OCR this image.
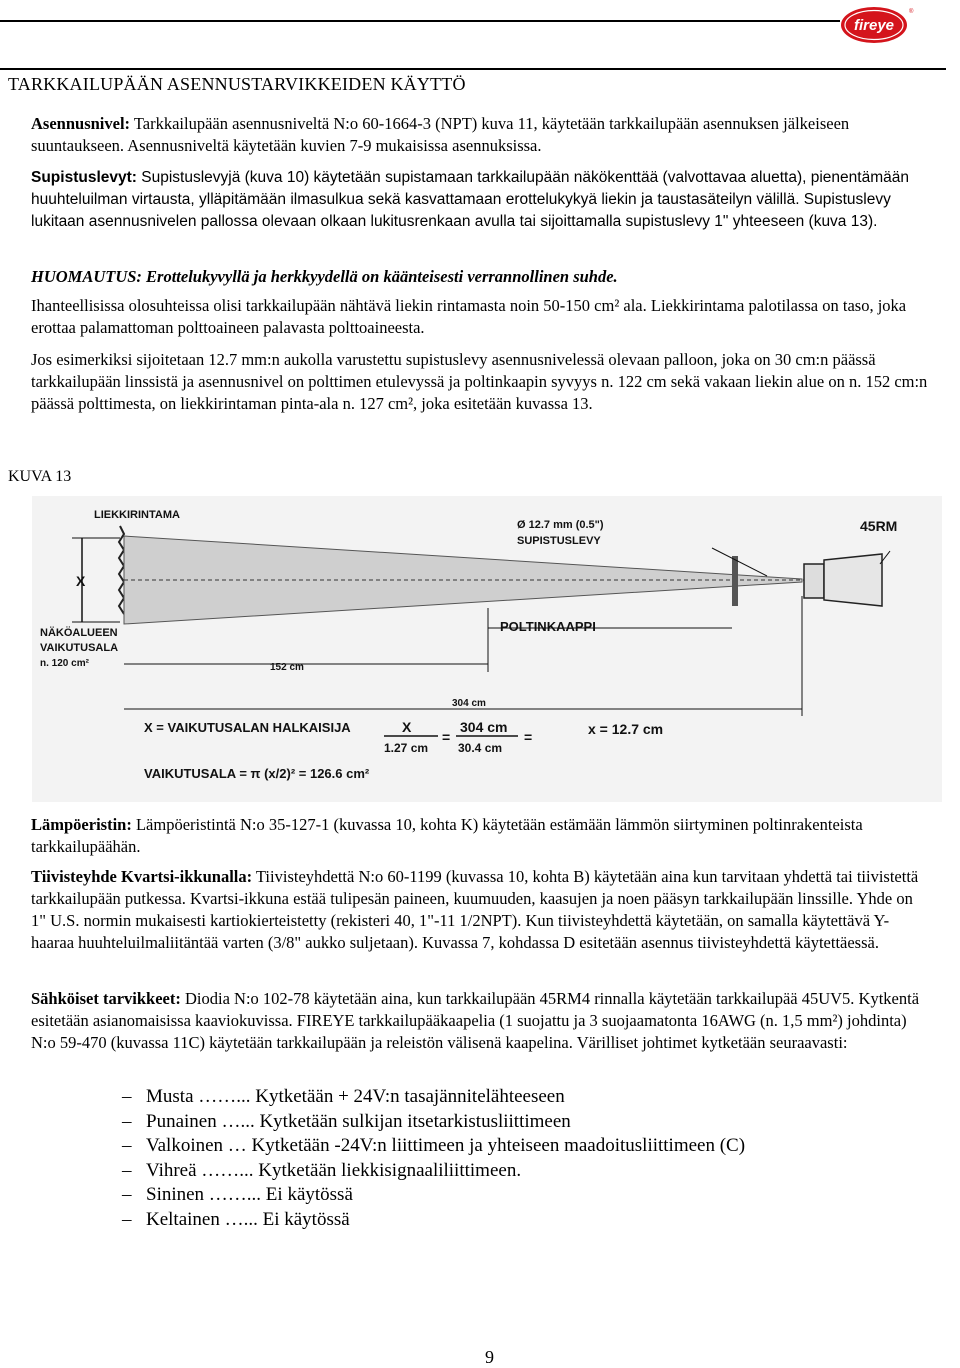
fireye
®
TARKKAILUPÄÄN ASENNUSTARVIKKEIDEN KÄYTTÖ

Asennusnivel: Tarkkailupään asennusniveltä N:o 60-1664-3 (NPT) kuva 11, käytetään tarkkailupään asennuksen jälkeiseen suuntaukseen. Asennusniveltä käytetään kuvien 7-9 mukaisissa asennuksissa.

Supistuslevyt: Supistuslevyjä (kuva 10) käytetään supistamaan tarkkailupään näkökenttää (valvottavaa aluetta), pienentämään huuhteluilman virtausta, ylläpitämään ilmasulkua sekä kasvattamaan erottelukykyä liekin ja taustasäteilyn välillä. Supistuslevy lukitaan asennusnivelen pallossa olevaan olkaan lukitusrenkaan avulla tai sijoittamalla supistuslevy 1" yhteeseen (kuva 13).

HUOMAUTUS: Erottelukyvyllä ja herkkyydellä on käänteisesti verrannollinen suhde.

Ihanteellisissa olosuhteissa olisi tarkkailupään nähtävä liekin rintamasta noin 50-150 cm² ala. Liekkirintama palotilassa on taso, joka erottaa palamattoman polttoaineen palavasta polttoaineesta.

Jos esimerkiksi sijoitetaan 12.7 mm:n aukolla varustettu supistuslevy asennusnivelessä olevaan palloon, joka on 30 cm:n päässä tarkkailupään linssistä ja asennusnivel on polttimen etulevyssä ja poltinkaapin syvyys n. 122 cm sekä vakaan liekin alue on n. 152 cm:n päässä polttimesta, on liekkirintaman pinta-ala n. 127 cm², joka esitetään kuvassa 13.

KUVA 13

LIEKKIRINTAMA
X
NÄKÖALUEEN
VAIKUTUSALA
n. 120 cm²
Ø 12.7 mm (0.5")
SUPISTUSLEVY
45RM
POLTINKAAPPI
152 cm
304 cm
X = VAIKUTUSALAN HALKAISIJA	X
1.27 cm
=
304 cm
30.4 cm
=	x = 12.7 cm
VAIKUTUSALA = π (x/2)² = 126.6 cm²

Lämpöeristin: Lämpöeristintä N:o 35-127-1 (kuvassa 10, kohta K) käytetään estämään lämmön siirtyminen poltinrakenteista tarkkailupäähän.

Tiivisteyhde Kvartsi-ikkunalla: Tiivisteyhdettä N:o 60-1199 (kuvassa 10, kohta B) käytetään aina kun tarvitaan yhdettä tai tiivistettä tarkkailupään putkessa. Kvartsi-ikkuna estää tulipesän paineen, kuumuuden, kaasujen ja noen pääsyn tarkkailupään linssille. Yhde on 1" U.S. normin mukaisesti kartiokierteistetty (rekisteri 40, 1"-11 1/2NPT). Kun tiivisteyhdettä käytetään, on samalla käytettävä Y-haaraa huuhteluilmaliitäntää varten (3/8" aukko suljetaan). Kuvassa 7, kohdassa D esitetään asennus tiivisteyhdettä käytettäessä.

Sähköiset tarvikkeet: Diodia N:o 102-78 käytetään aina, kun tarkkailupään 45RM4 rinnalla käytetään tarkkailupää 45UV5. Kytkentä esitetään asianomaisissa kaaviokuvissa. FIREYE tarkkailupääkaapelia (1 suojattu ja 3 suojaamatonta 16AWG (n. 1,5 mm²) johdinta) N:o 59-470 (kuvassa 11C) käytetään tarkkailupään ja releistön välisenä kaapelina. Värilliset johtimet kytketään seuraavasti:

– Musta ……... Kytketään + 24V:n tasajännitelähteeseen
– Punainen …... Kytketään sulkijan itsetarkistusliittimeen
– Valkoinen … Kytketään -24V:n liittimeen ja yhteiseen maadoitusliittimeen (C)
– Vihreä ……... Kytketään liekkisignaaliliittimeen.
– Sininen ……... Ei käytössä
– Keltainen …... Ei käytössä

9
